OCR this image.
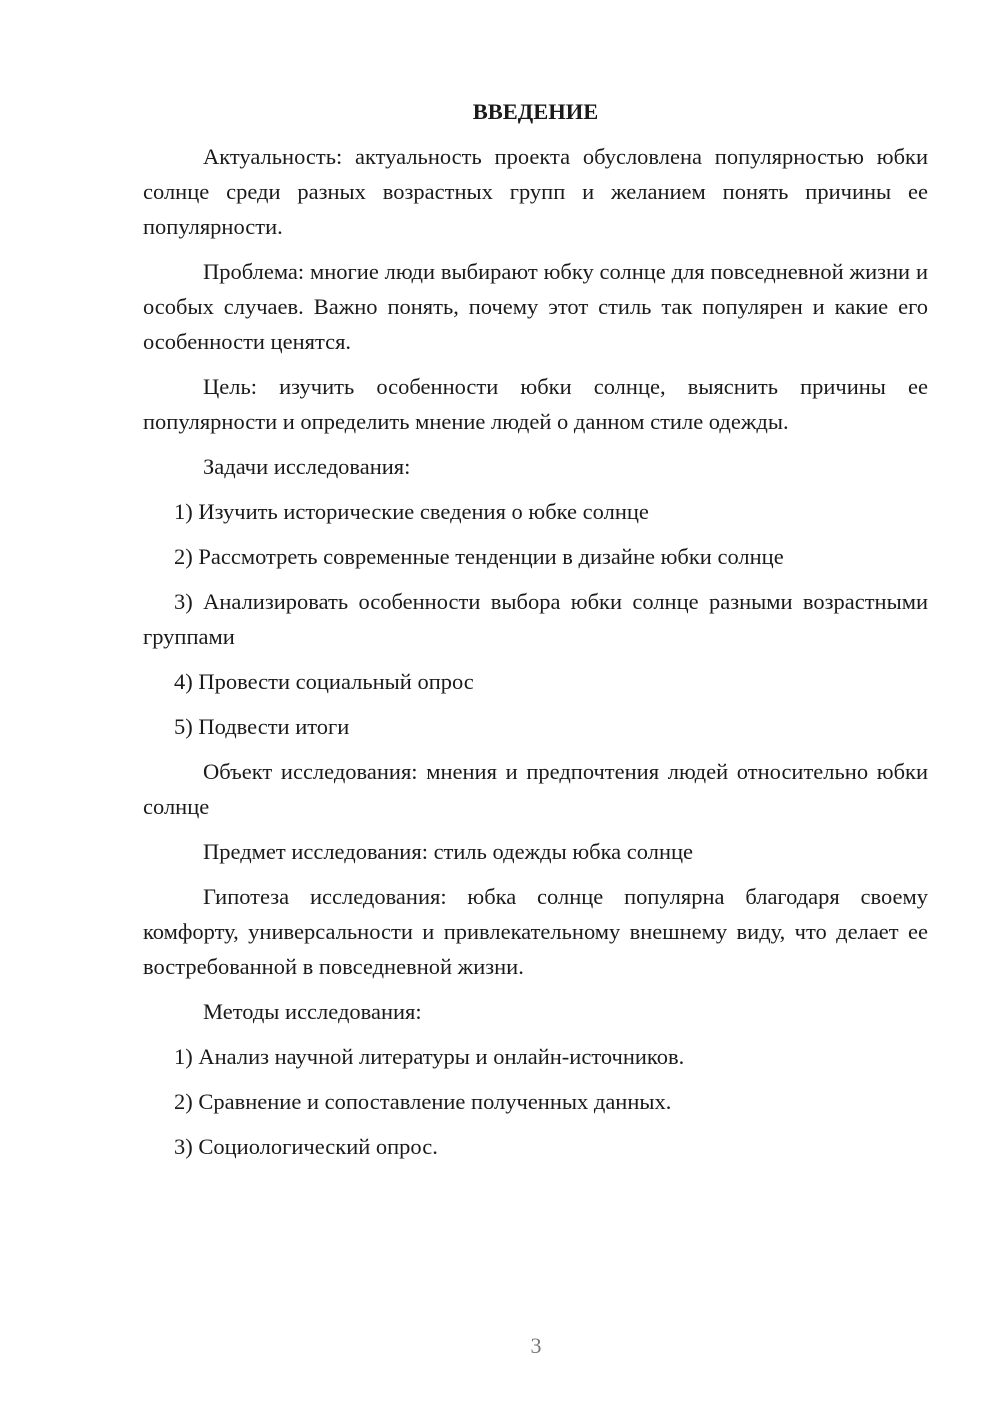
ВВЕДЕНИЕ

Актуальность: актуальность проекта обусловлена популярностью юбки солнце среди разных возрастных групп и желанием понять причины ее популярности.

Проблема: многие люди выбирают юбку солнце для повседневной жизни и особых случаев. Важно понять, почему этот стиль так популярен и какие его особенности ценятся.

Цель: изучить особенности юбки солнце, выяснить причины ее популярности и определить мнение людей о данном стиле одежды.

Задачи исследования:

1) Изучить исторические сведения о юбке солнце

2) Рассмотреть современные тенденции в дизайне юбки солнце

3) Анализировать особенности выбора юбки солнце разными возрастными группами

4) Провести социальный опрос

5) Подвести итоги

Объект исследования: мнения и предпочтения людей относительно юбки солнце

Предмет исследования: стиль одежды юбка солнце

Гипотеза исследования: юбка солнце популярна благодаря своему комфорту, универсальности и привлекательному внешнему виду, что делает ее востребованной в повседневной жизни.

Методы исследования:

1) Анализ научной литературы и онлайн-источников.

2) Сравнение и сопоставление полученных данных.

3) Социологический опрос.

3
